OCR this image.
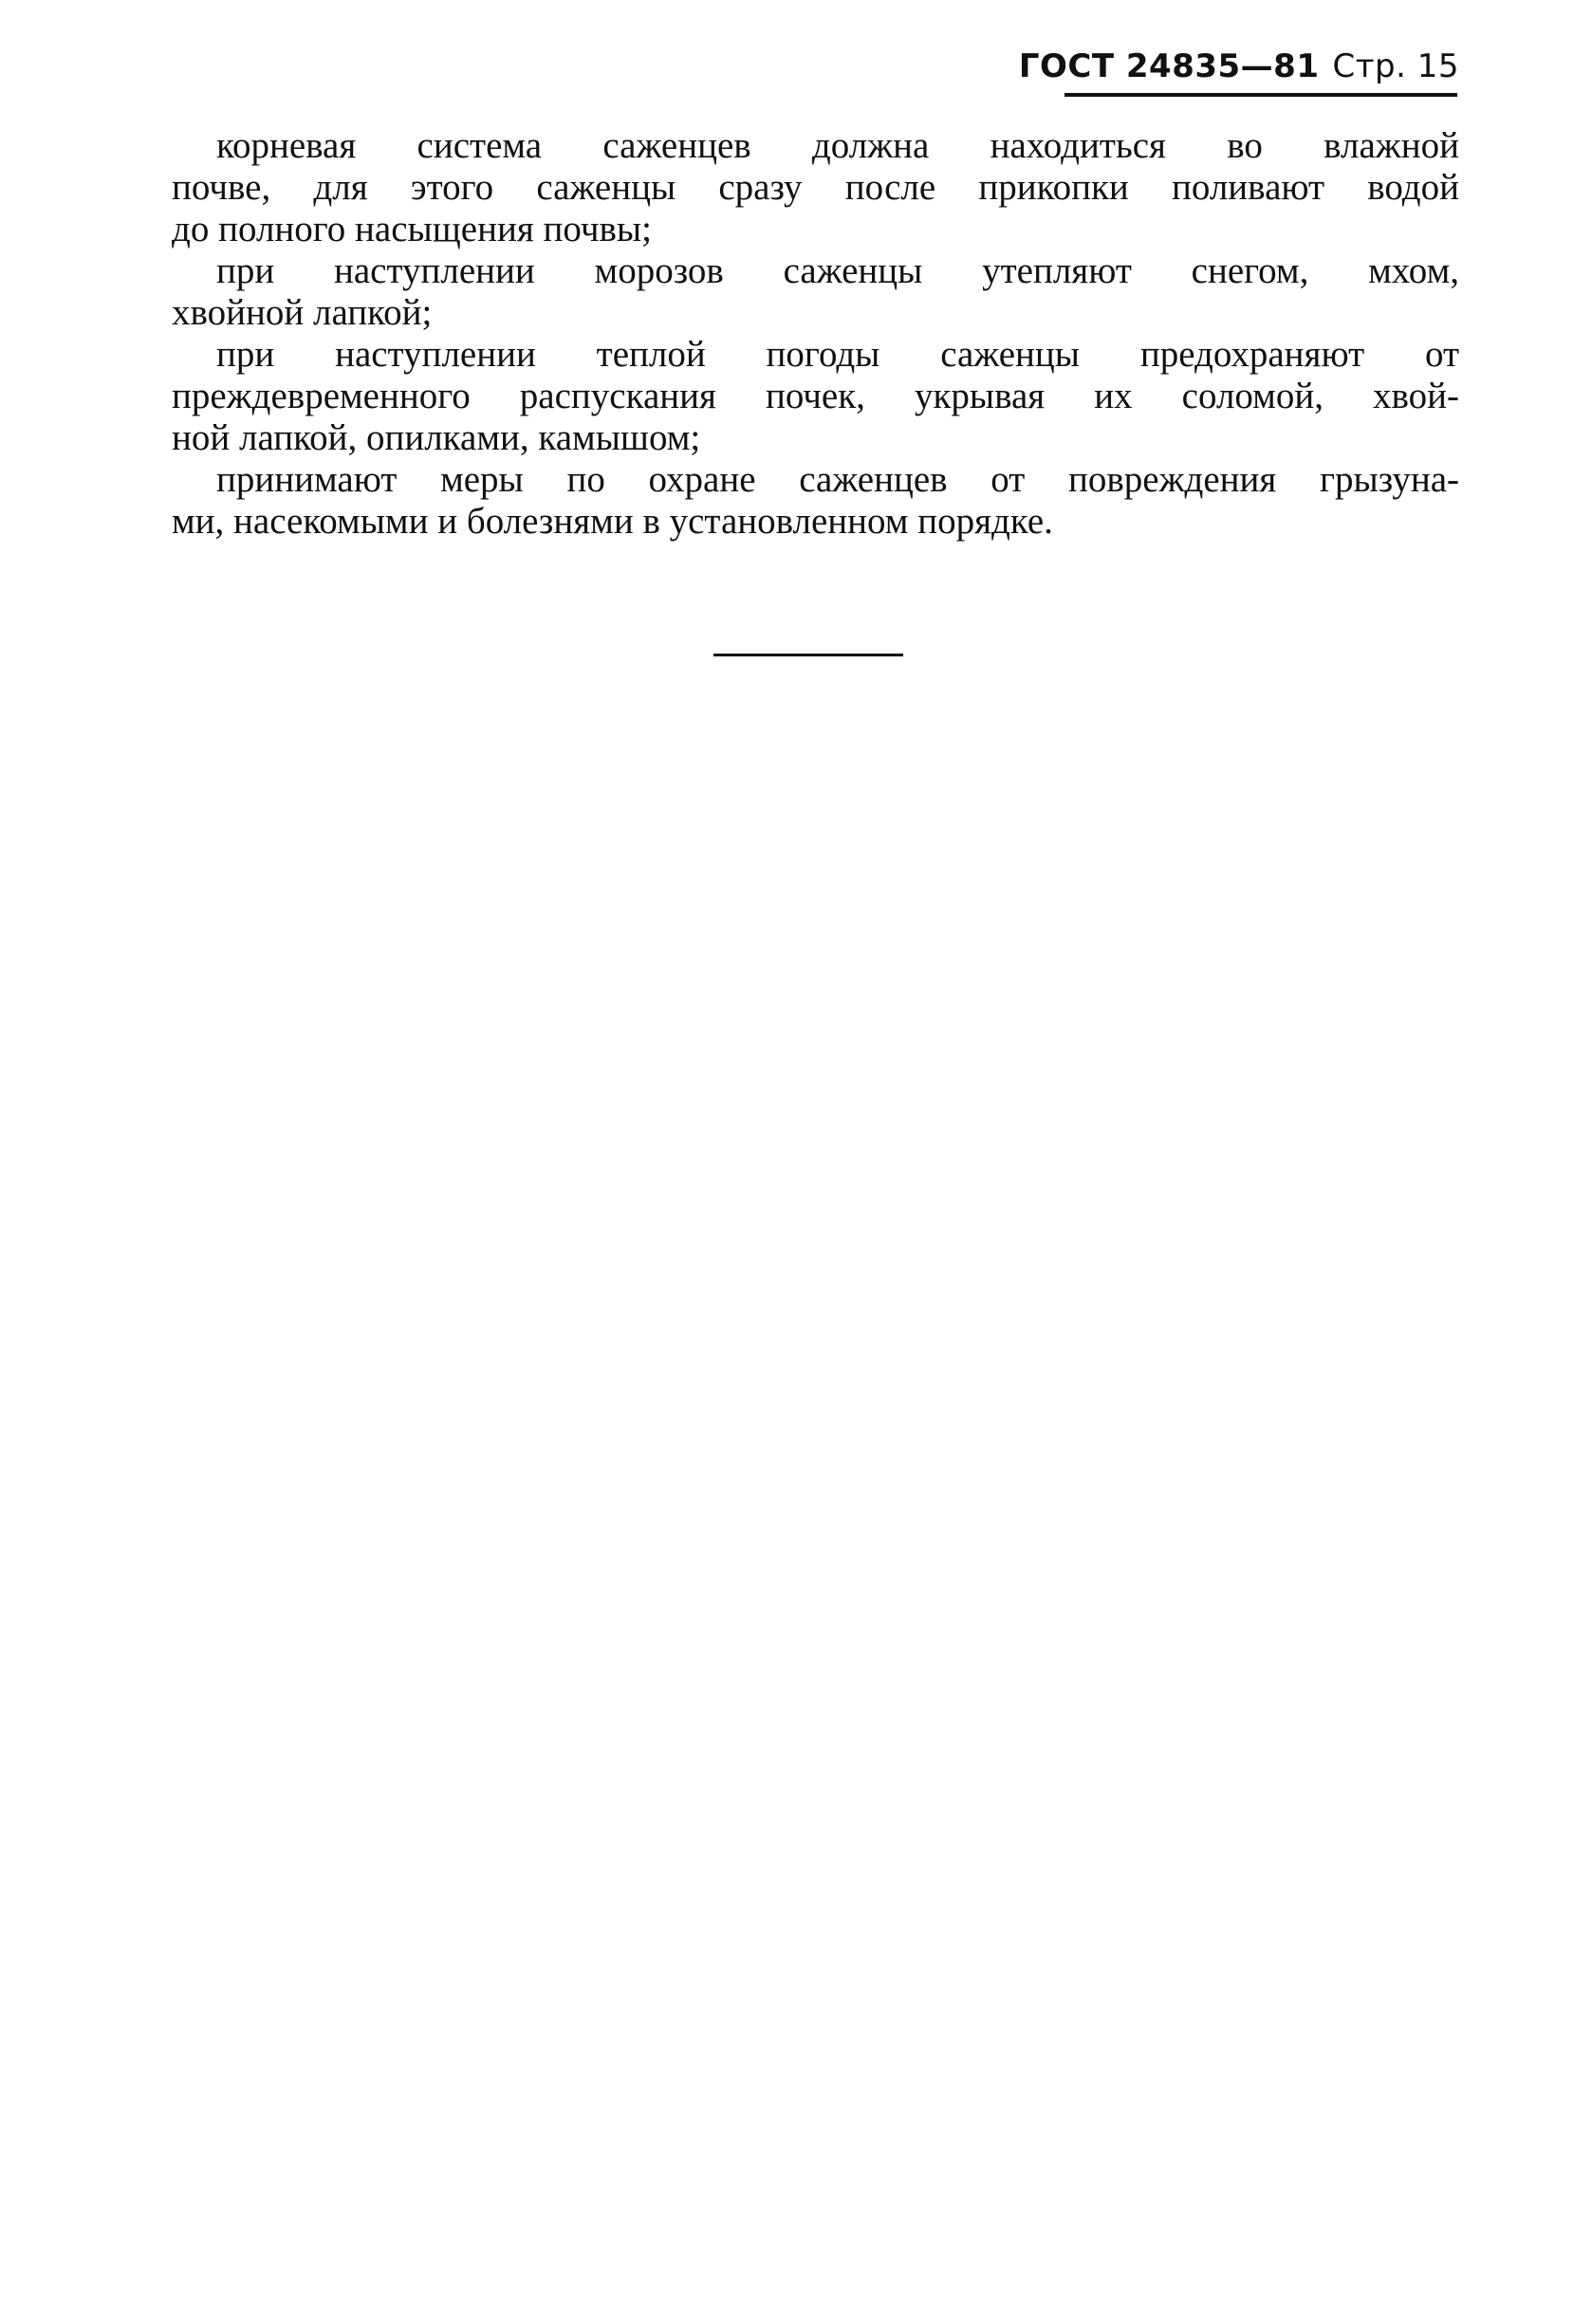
ГОСТ 24835—81 Стр. 15
корневая система саженцев должна находиться во влажной
почве, для этого саженцы сразу после прикопки поливают водой
до полного насыщения почвы;
при наступлении морозов саженцы утепляют снегом, мхом,
хвойной лапкой;
при наступлении теплой погоды саженцы предохраняют от
преждевременного распускания почек, укрывая их соломой, хвой-
ной лапкой, опилками, камышом;
принимают меры по охране саженцев от повреждения грызуна-
ми, насекомыми и болезнями в установленном порядке.
